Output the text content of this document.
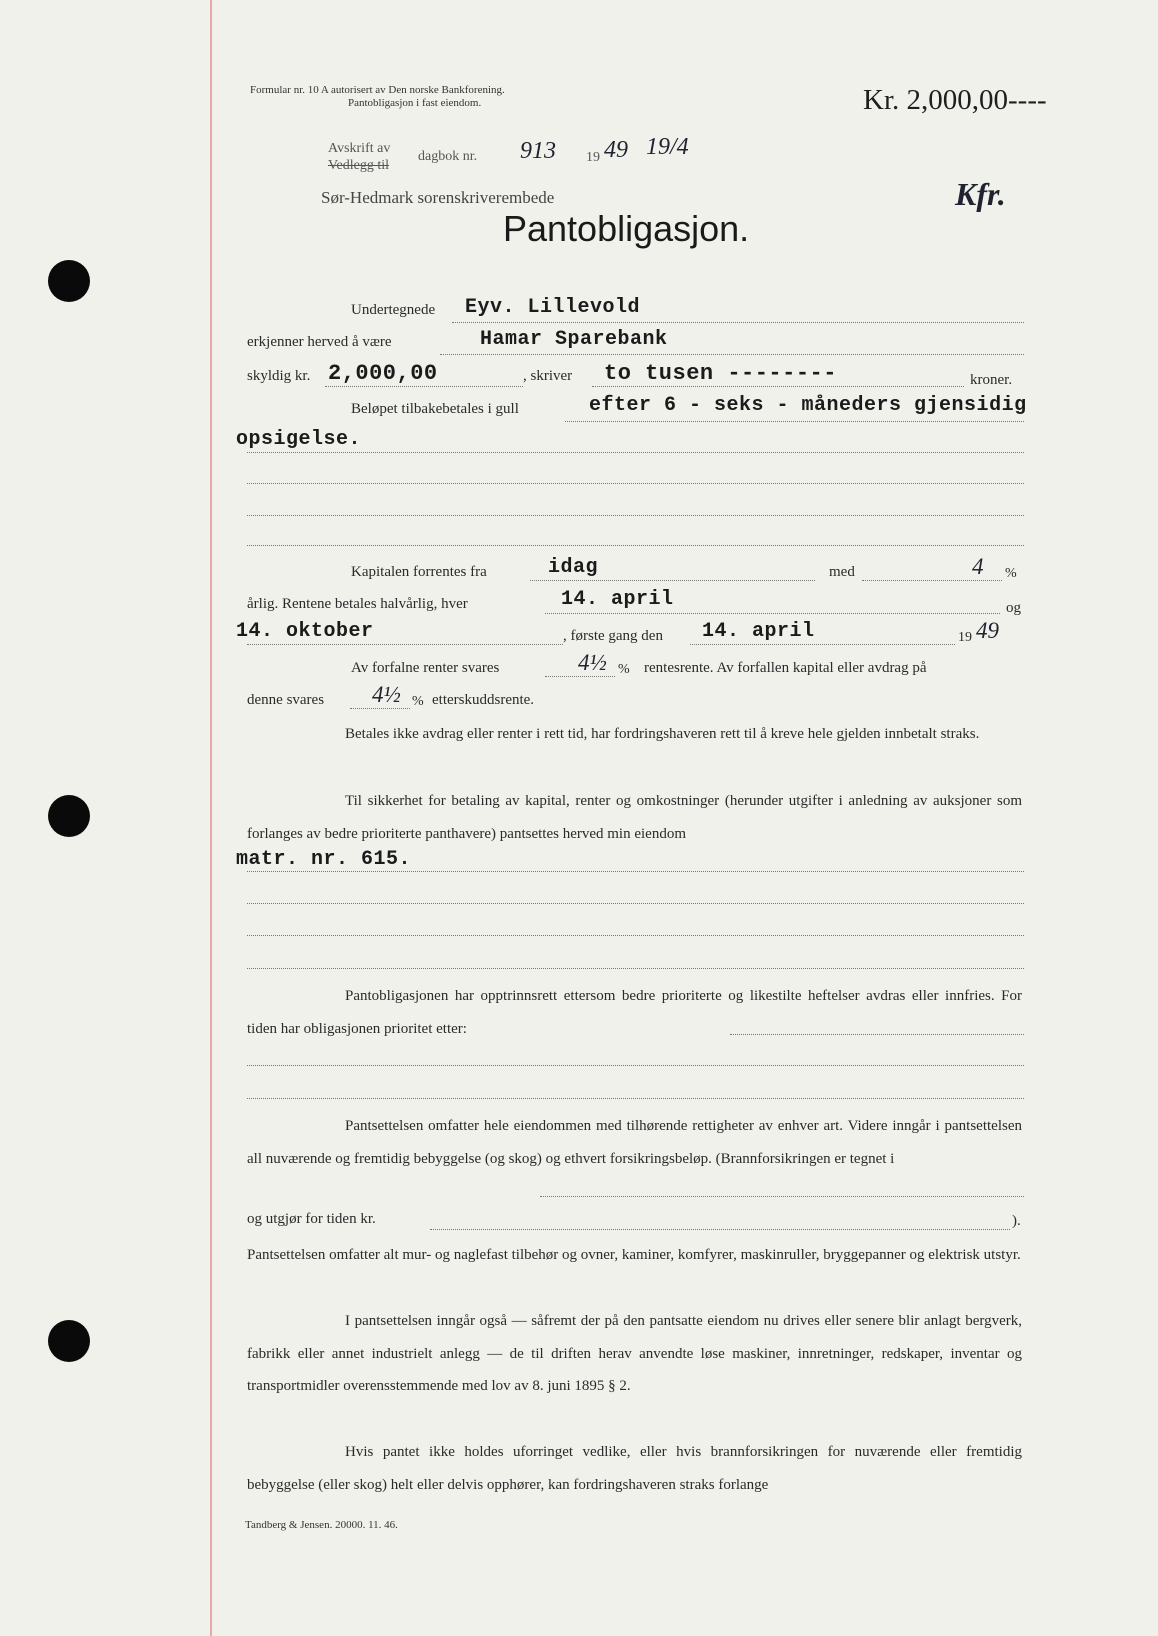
Formular nr. 10 A autorisert av Den norske Bankforening.
Pantobligasjon i fast eiendom.	Kr. 2,000,00----
Avskrift av
Vedlegg til
dagbok nr. 913 19 49 19/4
Sør-Hedmark sorenskriverembede	Kfr.
Pantobligasjon.
Undertegnede Eyv. Lillevold
erkjenner herved å være	Hamar Sparebank
skyldig kr. 2,000,00	, skriver to tusen --------	kroner.
Beløpet tilbakebetales i gull	efter 6 - seks - måneders gjensidig
opsigelse.
Kapitalen forrentes fra	idag	med	4 %
årlig. Rentene betales halvårlig, hver	14. april	og
14. oktober	, første gang den 14. april	19 49
Av forfalne renter svares	4½ % rentesrente. Av forfallen kapital eller avdrag på
denne svares 4½ % etterskuddsrente.

Betales ikke avdrag eller renter i rett tid, har fordringshaveren rett til å kreve hele gjelden innbetalt straks.

Til sikkerhet for betaling av kapital, renter og omkostninger (herunder utgifter i anledning av auksjoner som forlanges av bedre prioriterte panthavere) pantsettes herved min eiendom

matr. nr. 615.

Pantobligasjonen har opptrinnsrett ettersom bedre prioriterte og likestilte heftelser avdras eller innfries. For tiden har obligasjonen prioritet etter:

Pantsettelsen omfatter hele eiendommen med tilhørende rettigheter av enhver art. Videre inngår i pantsettelsen all nuværende og fremtidig bebyggelse (og skog) og ethvert forsikringsbeløp. (Brannforsikringen er tegnet i

og utgjør for tiden kr.	).

Pantsettelsen omfatter alt mur- og naglefast tilbehør og ovner, kaminer, komfyrer, maskinruller, bryggepanner og elektrisk utstyr.

I pantsettelsen inngår også — såfremt der på den pantsatte eiendom nu drives eller senere blir anlagt bergverk, fabrikk eller annet industrielt anlegg — de til driften herav anvendte løse maskiner, innretninger, redskaper, inventar og transportmidler overensstemmende med lov av 8. juni 1895 § 2.

Hvis pantet ikke holdes uforringet vedlike, eller hvis brannforsikringen for nuværende eller fremtidig bebyggelse (eller skog) helt eller delvis opphører, kan fordringshaveren straks forlange

Tandberg & Jensen. 20000. 11. 46.
